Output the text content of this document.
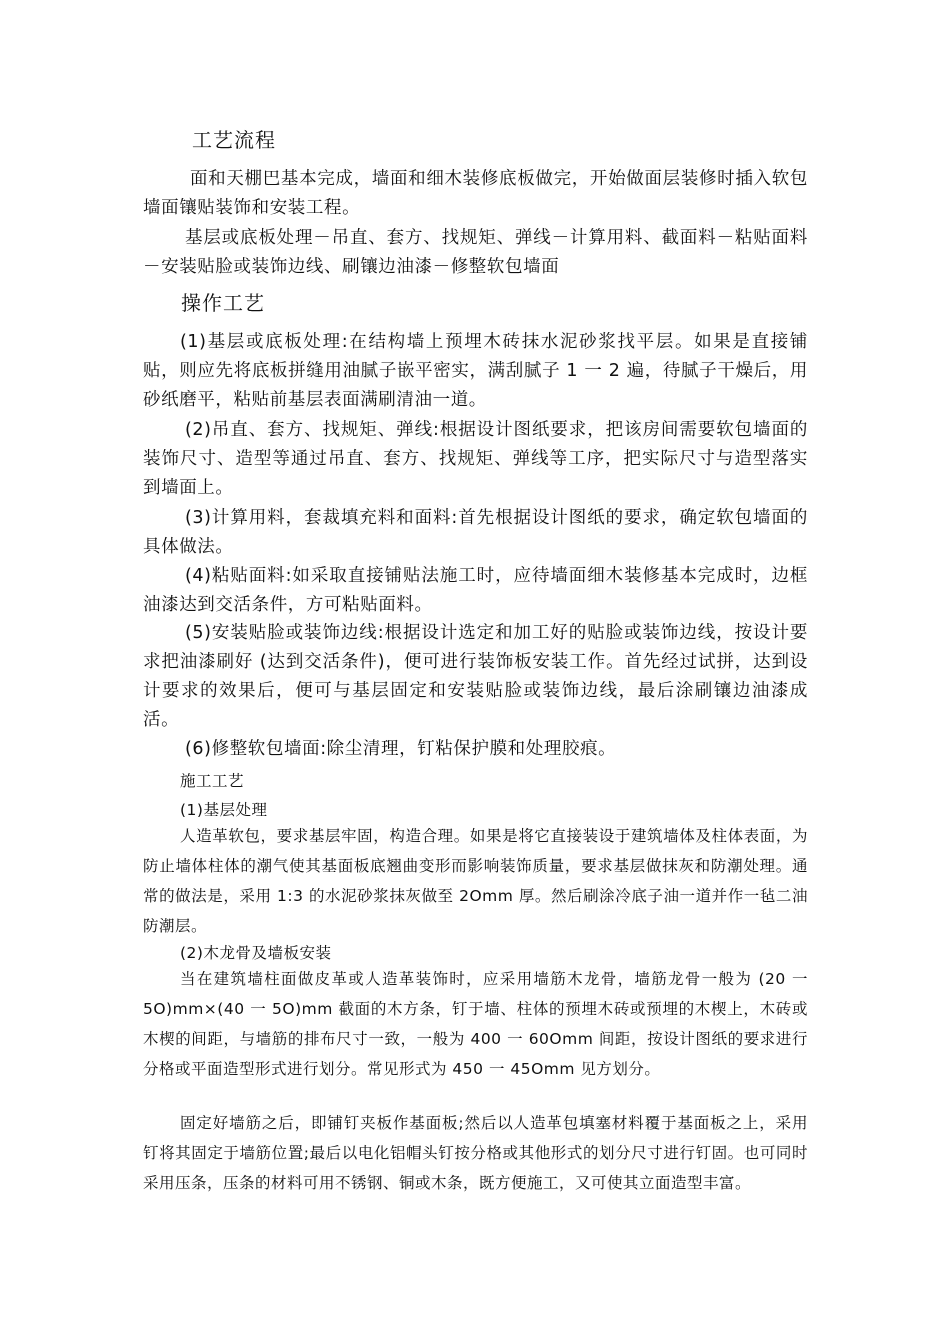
工艺流程
面和天棚巴基本完成，墙面和细木装修底板做完，开始做面层装修时插入软包墙面镶贴装饰和安装工程。
基层或底板处理－吊直、套方、找规矩、弹线－计算用料、截面料－粘贴面料－安装贴脸或装饰边线、刷镶边油漆－修整软包墙面
操作工艺
(1)基层或底板处理:在结构墙上预埋木砖抹水泥砂浆找平层。如果是直接铺贴，则应先将底板拼缝用油腻子嵌平密实，满刮腻子 1 一 2 遍，待腻子干燥后，用砂纸磨平，粘贴前基层表面满刷清油一道。
(2)吊直、套方、找规矩、弹线:根据设计图纸要求，把该房间需要软包墙面的装饰尺寸、造型等通过吊直、套方、找规矩、弹线等工序，把实际尺寸与造型落实到墙面上。
(3)计算用料，套裁填充料和面料:首先根据设计图纸的要求，确定软包墙面的具体做法。
(4)粘贴面料:如采取直接铺贴法施工时，应待墙面细木装修基本完成时，边框油漆达到交活条件，方可粘贴面料。
(5)安装贴脸或装饰边线:根据设计选定和加工好的贴脸或装饰边线，按设计要求把油漆刷好 (达到交活条件)，便可进行装饰板安装工作。首先经过试拼，达到设计要求的效果后，便可与基层固定和安装贴脸或装饰边线，最后涂刷镶边油漆成活。
(6)修整软包墙面:除尘清理，钉粘保护膜和处理胶痕。
施工工艺
(1)基层处理
人造革软包，要求基层牢固，构造合理。如果是将它直接装设于建筑墙体及柱体表面，为防止墙体柱体的潮气使其基面板底翘曲变形而影响装饰质量，要求基层做抹灰和防潮处理。通常的做法是，采用 1:3 的水泥砂浆抹灰做至 2Omm 厚。然后刷涂冷底子油一道并作一毡二油防潮层。
(2)木龙骨及墙板安装
当在建筑墙柱面做皮革或人造革装饰时，应采用墙筋木龙骨，墙筋龙骨一般为 (20 一 5O)mm×(40 一 5O)mm 截面的木方条，钉于墙、柱体的预埋木砖或预埋的木楔上，木砖或木楔的间距，与墙筋的排布尺寸一致，一般为 400 一 60Omm 间距，按设计图纸的要求进行分格或平面造型形式进行划分。常见形式为 450 一 45Omm 见方划分。
固定好墙筋之后，即铺钉夹板作基面板;然后以人造革包填塞材料覆于基面板之上，采用钉将其固定于墙筋位置;最后以电化铝帽头钉按分格或其他形式的划分尺寸进行钉固。也可同时采用压条，压条的材料可用不锈钢、铜或木条，既方便施工，又可使其立面造型丰富。
